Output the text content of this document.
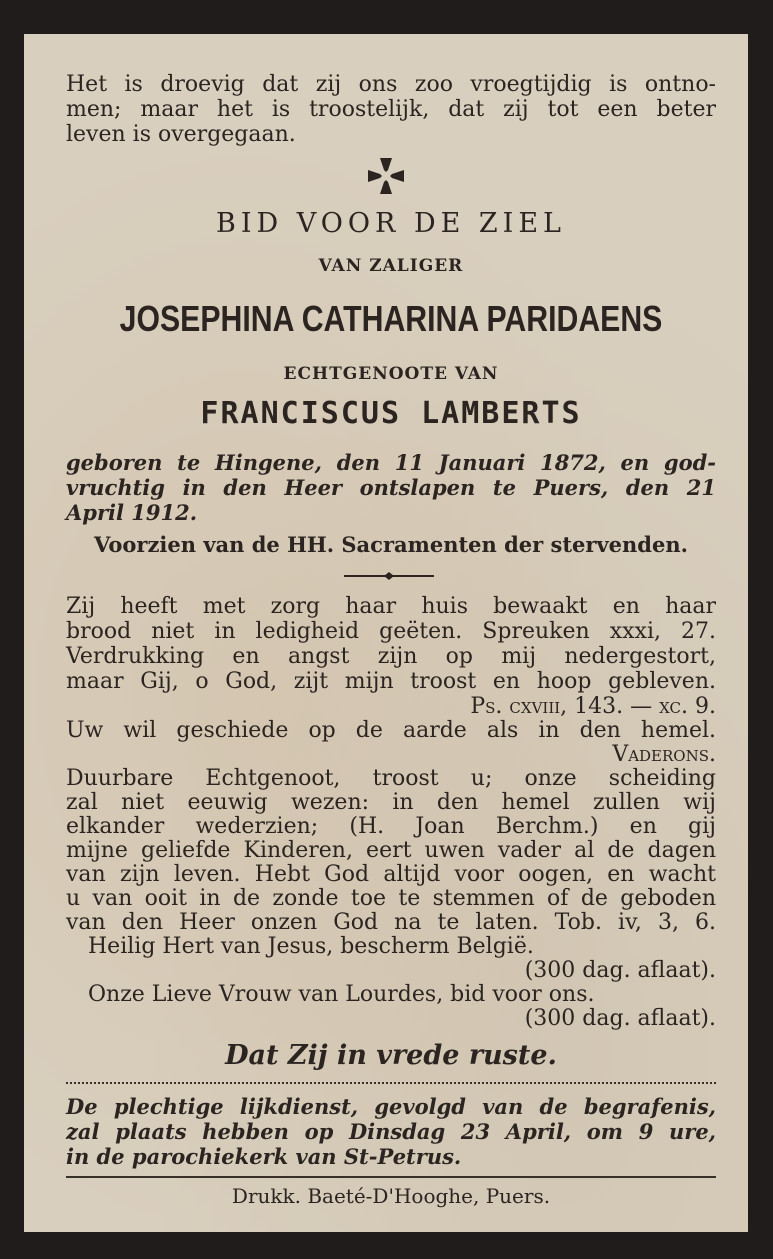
Het is droevig dat zij ons zoo vroegtijdig is ontno-
men; maar het is troostelijk, dat zij tot een beter
leven is overgegaan.
BID VOOR DE ZIEL
VAN ZALIGER
JOSEPHINA CATHARINA PARIDAENS
ECHTGENOOTE VAN
FRANCISCUS LAMBERTS
geboren te Hingene, den 11 Januari 1872, en god-
vruchtig in den Heer ontslapen te Puers, den 21
April 1912.
Voorzien van de HH. Sacramenten der stervenden.
Zij heeft met zorg haar huis bewaakt en haar
brood niet in ledigheid geëten. Spreuken xxxi, 27.
Verdrukking en angst zijn op mij nedergestort,
maar Gij, o God, zijt mijn troost en hoop gebleven.
Ps. cxviii, 143. — xc. 9.
Uw wil geschiede op de aarde als in den hemel.
Vaderons.
Duurbare Echtgenoot, troost u; onze scheiding
zal niet eeuwig wezen: in den hemel zullen wij
elkander wederzien; (H. Joan Berchm.) en gij
mijne geliefde Kinderen, eert uwen vader al de dagen
van zijn leven. Hebt God altijd voor oogen, en wacht
u van ooit in de zonde toe te stemmen of de geboden
van den Heer onzen God na te laten. Tob. iv, 3, 6.
Heilig Hert van Jesus, bescherm België.
(300 dag. aflaat).
Onze Lieve Vrouw van Lourdes, bid voor ons.
(300 dag. aflaat).
Dat Zij in vrede ruste.
De plechtige lijkdienst, gevolgd van de begrafenis,
zal plaats hebben op Dinsdag 23 April, om 9 ure,
in de parochiekerk van St-Petrus.
Drukk. Baeté-D'Hooghe, Puers.
